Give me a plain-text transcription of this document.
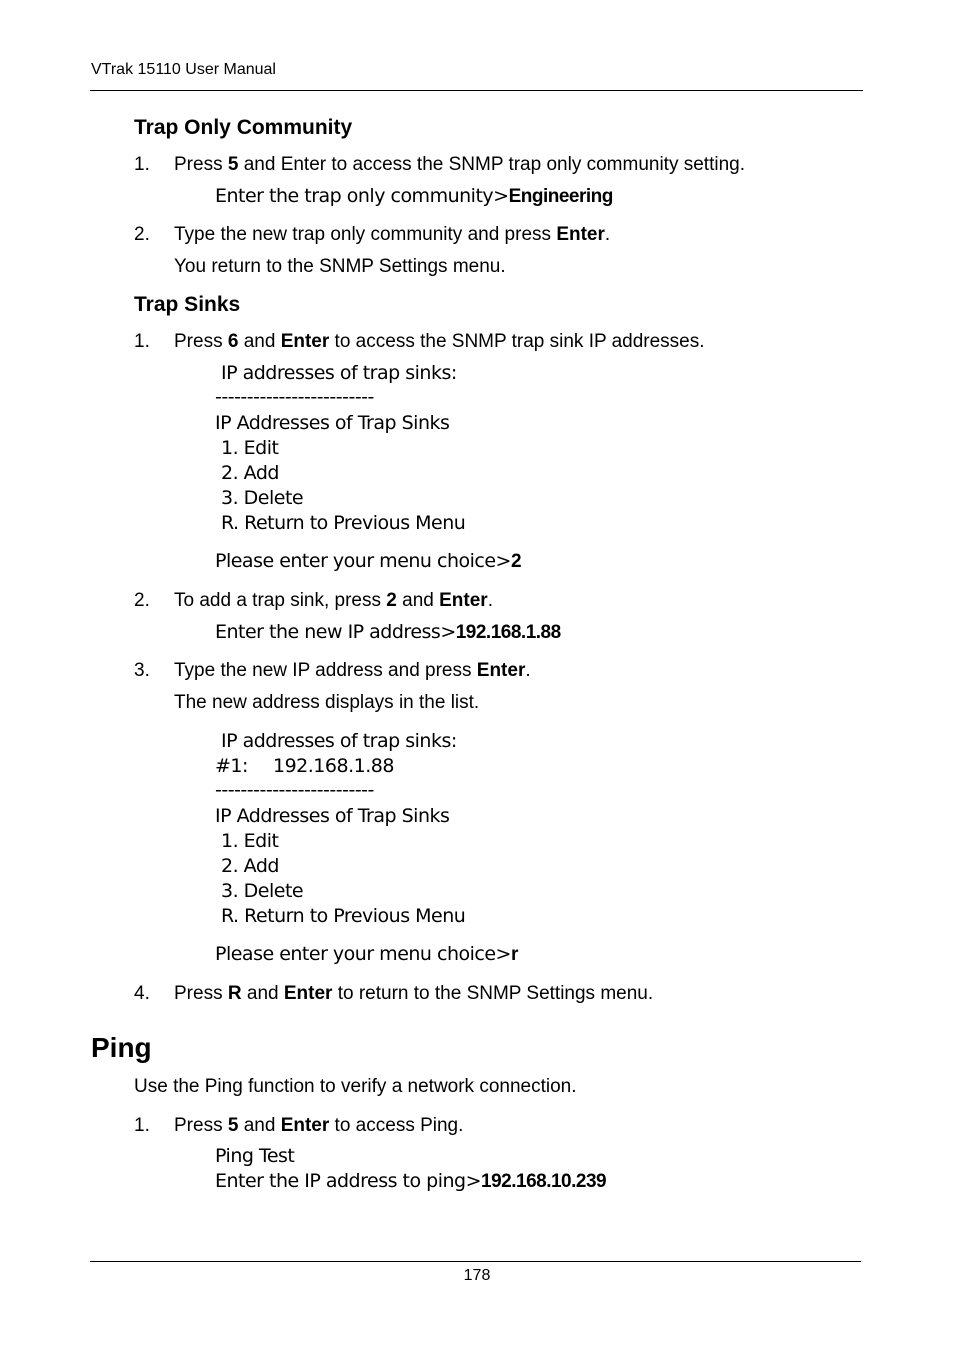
VTrak 15110 User Manual
Trap Only Community
1. Press 5 and Enter to access the SNMP trap only community setting.
Enter the trap only community>Engineering
2. Type the new trap only community and press Enter.
You return to the SNMP Settings menu.
Trap Sinks
1. Press 6 and Enter to access the SNMP trap sink IP addresses.
IP addresses of trap sinks:
-------------------------
IP Addresses of Trap Sinks
1. Edit
2. Add
3. Delete
R. Return to Previous Menu
Please enter your menu choice>2
2. To add a trap sink, press 2 and Enter.
Enter the new IP address>192.168.1.88
3. Type the new IP address and press Enter.
The new address displays in the list.
IP addresses of trap sinks:
#1: 192.168.1.88
-------------------------
IP Addresses of Trap Sinks
1. Edit
2. Add
3. Delete
R. Return to Previous Menu
Please enter your menu choice>r
4. Press R and Enter to return to the SNMP Settings menu.
Ping
Use the Ping function to verify a network connection.
1. Press 5 and Enter to access Ping.
Ping Test
Enter the IP address to ping>192.168.10.239
178
